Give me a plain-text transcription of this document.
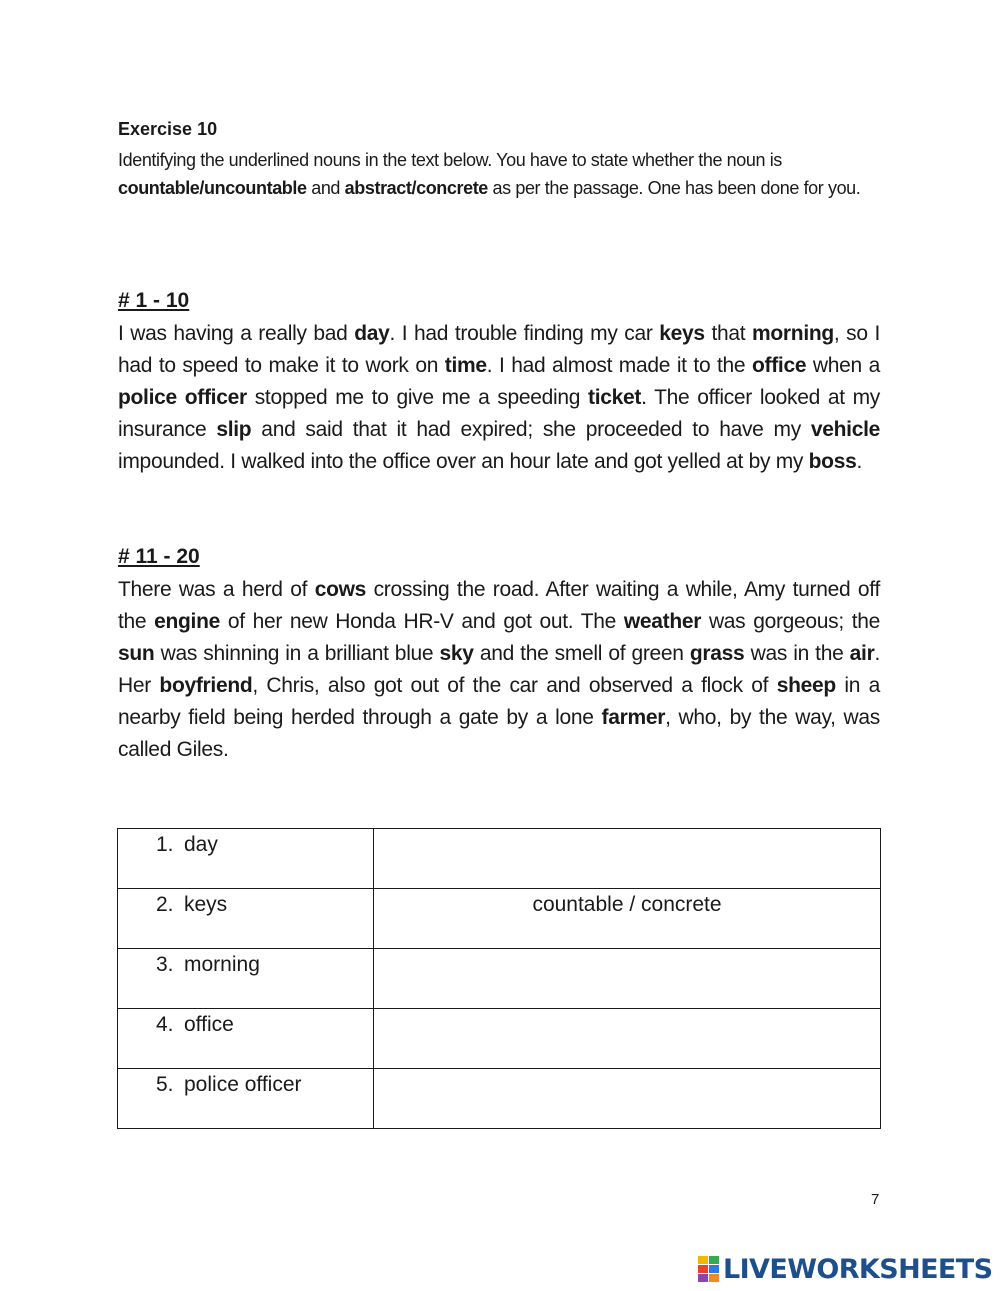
Exercise 10
Identifying the underlined nouns in the text below. You have to state whether the noun is countable/uncountable and abstract/concrete as per the passage. One has been done for you.
# 1 - 10
I was having a really bad day. I had trouble finding my car keys that morning, so I had to speed to make it to work on time. I had almost made it to the office when a police officer stopped me to give me a speeding ticket. The officer looked at my insurance slip and said that it had expired; she proceeded to have my vehicle impounded. I walked into the office over an hour late and got yelled at by my boss.
# 11 - 20
There was a herd of cows crossing the road. After waiting a while, Amy turned off the engine of her new Honda HR-V and got out. The weather was gorgeous; the sun was shinning in a brilliant blue sky and the smell of green grass was in the air. Her boyfriend, Chris, also got out of the car and observed a flock of sheep in a nearby field being herded through a gate by a lone farmer, who, by the way, was called Giles.
1. day	
2. keys	countable / concrete
3. morning	
4. office	
5. police officer	
7
LIVEWORKSHEETS
